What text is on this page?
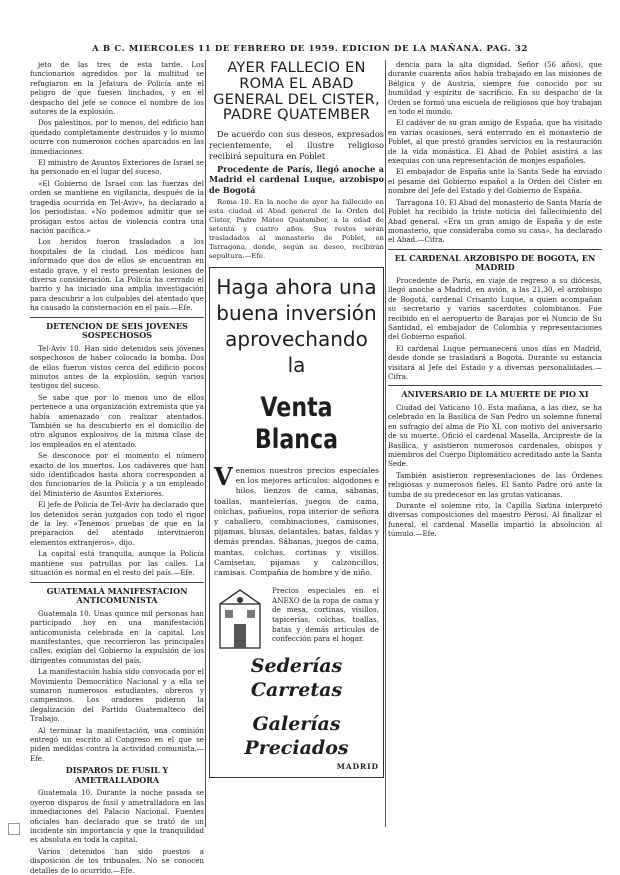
A B C. MIERCOLES 11 DE FEBRERO DE 1959. EDICION DE LA MAÑANA. PAG. 32

jeto de las tres de esta tarde. Los funcionarios agredidos por la multitud se refugiaron en la Jefatura de Policía ante el peligro de que fuesen linchados, y en el despacho del jefe se conoce el nombre de los autores de la explosión.

Dos palestinos, por lo menos, del edificio han quedado completamente destruidos y lo mismo ocurre con numerosos coches aparcados en las inmediaciones.

El ministro de Asuntos Exteriores de Israel se ha personado en el lugar del suceso.

«El Gobierno de Israel con las fuerzas del orden se mantiene en vigilancia, después de la tragedia ocurrida en Tel-Aviv», ha declarado a los periodistas. «No podemos admitir que se prosigan estos actos de violencia contra una nación pacífica.»

Los heridos fueron trasladados a los hospitales de la ciudad. Los médicos han informado que dos de ellos se encuentran en estado grave, y el resto presentan lesiones de diversa consideración. La Policía ha cerrado el barrio y ha iniciado una amplia investigación para descubrir a los culpables del atentado que ha causado la consternación en el país.—Efe.

DETENCION DE SEIS JOVENES SOSPECHOSOS

Tel-Aviv 10. Han sido detenidos seis jóvenes sospechosos de haber colocado la bomba. Dos de ellos fueron vistos cerca del edificio pocos minutos antes de la explosión, según varios testigos del suceso.

Se sabe que por lo menos uno de ellos pertenece a una organización extremista que ya había amenazado con realizar atentados. También se ha descubierto en el domicilio de otro algunos explosivos de la misma clase de los empleados en el atentado.

Se desconoce por el momento el número exacto de los muertos. Los cadáveres que han sido identificados hasta ahora corresponden a dos funcionarios de la Policía y a un empleado del Ministerio de Asuntos Exteriores.

El jefe de Policía de Tel-Aviv ha declarado que los detenidos serán juzgados con todo el rigor de la ley. «Tenemos pruebas de que en la preparación del atentado intervinieron elementos extranjeros», dijo.

La capital está tranquila, aunque la Policía mantiene sus patrullas por las calles. La situación es normal en el resto del país.—Efe.

GUATEMALA MANIFESTACION ANTICOMUNISTA

Guatemala 10. Unas quince mil personas han participado hoy en una manifestación anticomunista celebrada en la capital. Los manifestantes, que recorrieron las principales calles, exigían del Gobierno la expulsión de los dirigentes comunistas del país.

La manifestación había sido convocada por el Movimiento Democrático Nacional y a ella se sumaron numerosos estudiantes, obreros y campesinos. Los oradores pidieron la ilegalización del Partido Guatemalteco del Trabajo.

Al terminar la manifestación, una comisión entregó un escrito al Congreso en el que se piden medidas contra la actividad comunista.—Efe.

DISPAROS DE FUSIL Y AMETRALLADORA

Guatemala 10. Durante la noche pasada se oyeron disparos de fusil y ametralladora en las inmediaciones del Palacio Nacional. Fuentes oficiales han declarado que se trató de un incidente sin importancia y que la tranquilidad es absoluta en toda la capital.

Varios detenidos han sido puestos a disposición de los tribunales. No se conocen detalles de lo ocurrido.—Efe.

AYER FALLECIO EN ROMA EL ABAD GENERAL DEL CISTER, PADRE QUATEMBER

De acuerdo con sus deseos, expresados recientemente, el ilustre religioso recibirá sepultura en Poblet

Procedente de París, llegó anoche a Madrid el cardenal Luque, arzobispo de Bogotá

Roma 10. En la noche de ayer ha fallecido en esta ciudad el Abad general de la Orden del Císter, Padre Mateo Quatember, a la edad de setenta y cuatro años. Sus restos serán trasladados al monasterio de Poblet, en Tarragona, donde, según su deseo, recibirán sepultura.—Efe.

Haga ahora una buena inversión aprovechando la
Venta Blanca
Venemos nuestros precios especiales en los mejores artículos: algodones e hilos, lienzos de cama, sábanas, toallas, mantelerías, juegos de cama, colchas, pañuelos, ropa interior de señora y caballero, combinaciones, camisones, pijamas, blusas, delantales, batas, faldas y demás prendas. Sábanas, juegos de cama, mantas, colchas, cortinas y visillos. Camisetas, pijamas y calzoncillos, camisas. Compañía de hombre y de niño.
Precios especiales en el ANEXO de la ropa de cama y de mesa, cortinas, visillos, tapicerías, colchas, toallas, batas y demás artículos de confección para el hogar.
Sederías Carretas
Galerías Preciados
MADRID

dencia para la alta dignidad. Señor (56 años), que durante cuarenta años había trabajado en las misiones de Bélgica y de Austria, siempre fue conocido por su humildad y espíritu de sacrificio. En su despacho de la Orden se formó una escuela de religiosos que hoy trabajan en todo el mundo.

El cadáver de su gran amigo de España, que ha visitado en varias ocasiones, será enterrado en el monasterio de Poblet, al que prestó grandes servicios en la restauración de la vida monástica. El Abad de Poblet asistirá a las exequias con una representación de monjes españoles.

El embajador de España ante la Santa Sede ha enviado el pésame del Gobierno español a la Orden del Císter en nombre del Jefe del Estado y del Gobierno de España.

Tarragona 10. El Abad del monasterio de Santa María de Poblet ha recibido la triste noticia del fallecimiento del Abad general. «Era un gran amigo de España y de este monasterio, que consideraba como su casa», ha declarado el Abad.—Cifra.

EL CARDENAL ARZOBISPO DE BOGOTA, EN MADRID

Procedente de París, en viaje de regreso a su diócesis, llegó anoche a Madrid, en avión, a las 21,30, el arzobispo de Bogotá, cardenal Crisanto Luque, a quien acompañan su secretario y varios sacerdotes colombianos. Fue recibido en el aeropuerto de Barajas por el Nuncio de Su Santidad, el embajador de Colombia y representaciones del Gobierno español.

El cardenal Luque permanecerá unos días en Madrid, desde donde se trasladará a Bogotá. Durante su estancia visitará al Jefe del Estado y a diversas personalidades.—Cifra.

ANIVERSARIO DE LA MUERTE DE PIO XI

Ciudad del Vaticano 10. Esta mañana, a las diez, se ha celebrado en la Basílica de San Pedro un solemne funeral en sufragio del alma de Pío XI, con motivo del aniversario de su muerte. Ofició el cardenal Masella, Arcipreste de la Basílica, y asistieron numerosos cardenales, obispos y miembros del Cuerpo Diplomático acreditado ante la Santa Sede.

También asistieron representaciones de las Órdenes religiosas y numerosos fieles. El Santo Padre oró ante la tumba de su predecesor en las grutas vaticanas.

Durante el solemne rito, la Capilla Sixtina interpretó diversas composiciones del maestro Perosi. Al finalizar el funeral, el cardenal Masella impartió la absolución al túmulo.—Efe.
